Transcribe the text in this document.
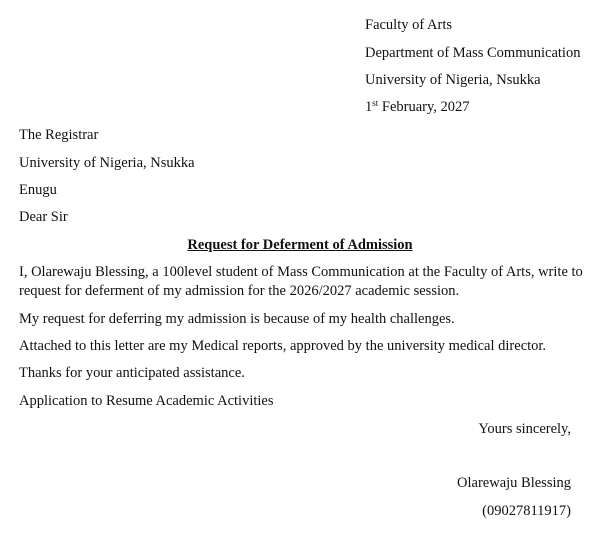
Faculty of Arts

Department of Mass Communication

University of Nigeria, Nsukka

1st February, 2027

The Registrar

University of Nigeria, Nsukka

Enugu

Dear Sir

Request for Deferment of Admission

I, Olarewaju Blessing, a 100level student of Mass Communication at the Faculty of Arts, write to

request for deferment of my admission for the 2026/2027 academic session.

My request for deferring my admission is because of my health challenges.

Attached to this letter are my Medical reports, approved by the university medical director.

Thanks for your anticipated assistance.

Application to Resume Academic Activities

Yours sincerely,

Olarewaju Blessing

(09027811917)
